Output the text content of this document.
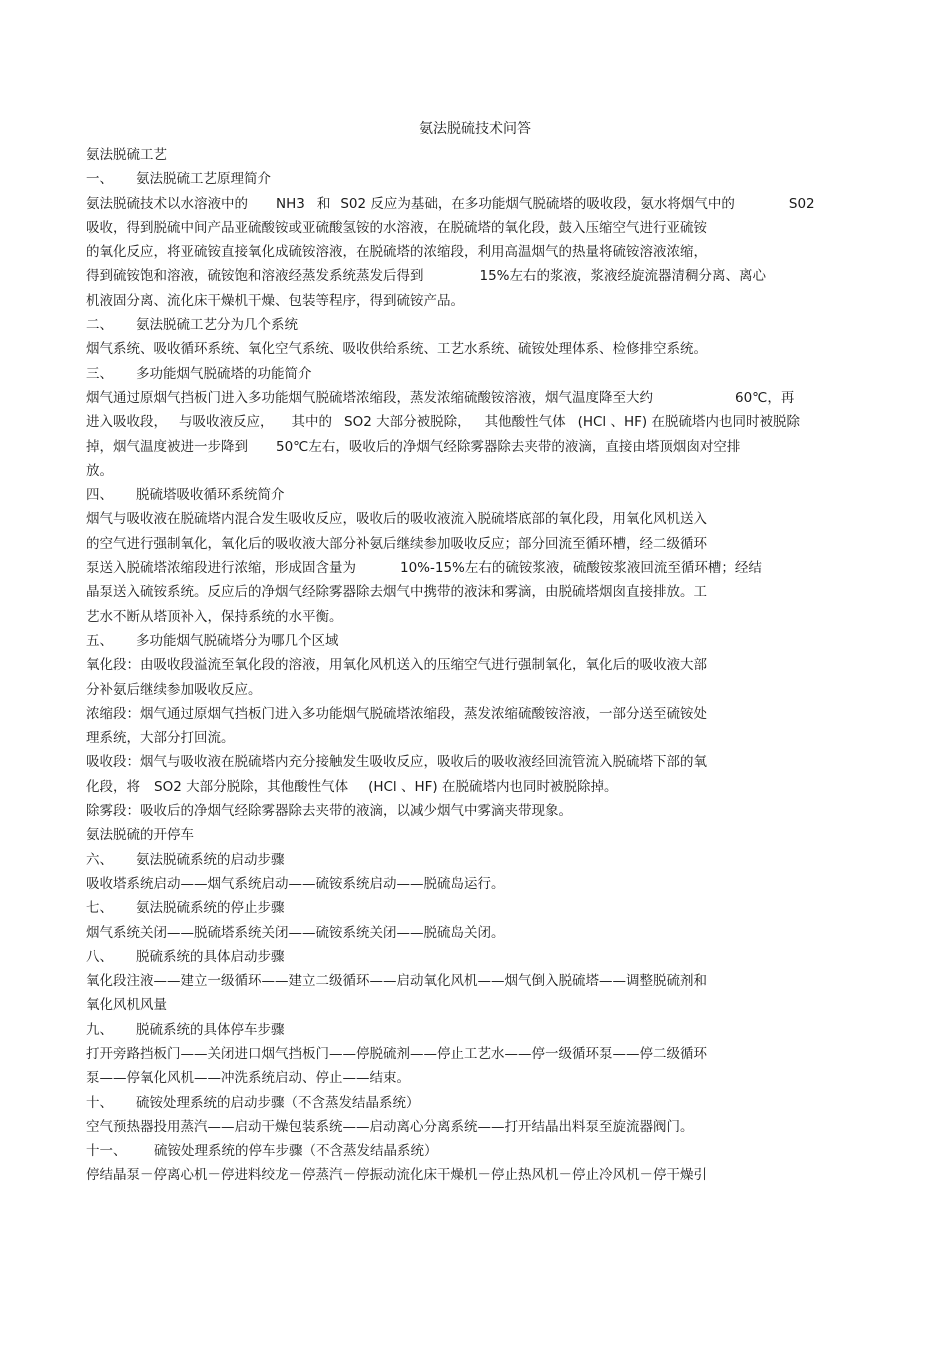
氨法脱硫技术问答
氨法脱硫工艺
一、 氨法脱硫工艺原理简介
氨法脱硫技术以水溶液中的 NH3 和 S02 反应为基础，在多功能烟气脱硫塔的吸收段，氨水将烟气中的	S02
吸收，得到脱硫中间产品亚硫酸铵或亚硫酸氢铵的水溶液，在脱硫塔的氧化段，鼓入压缩空气进行亚硫铵
的氧化反应，将亚硫铵直接氧化成硫铵溶液，在脱硫塔的浓缩段，利用高温烟气的热量将硫铵溶液浓缩，
得到硫铵饱和溶液，硫铵饱和溶液经蒸发系统蒸发后得到	15%左右的浆液，浆液经旋流器清稠分离、离心
机液固分离、流化床干燥机干燥、包装等程序，得到硫铵产品。
二、 氨法脱硫工艺分为几个系统
烟气系统、吸收循环系统、氧化空气系统、吸收供给系统、工艺水系统、硫铵处理体系、检修排空系统。
三、 多功能烟气脱硫塔的功能简介
烟气通过原烟气挡板门进入多功能烟气脱硫塔浓缩段，蒸发浓缩硫酸铵溶液，烟气温度降至大约	60℃，再
进入吸收段， 与吸收液反应， 其中的 SO2 大部分被脱除， 其他酸性气体 (HCl 、HF) 在脱硫塔内也同时被脱除
掉，烟气温度被进一步降到 50℃左右，吸收后的净烟气经除雾器除去夹带的液滴，直接由塔顶烟囱对空排
放。
四、 脱硫塔吸收循环系统简介
烟气与吸收液在脱硫塔内混合发生吸收反应，吸收后的吸收液流入脱硫塔底部的氧化段，用氧化风机送入
的空气进行强制氧化，氧化后的吸收液大部分补氨后继续参加吸收反应；部分回流至循环槽，经二级循环
泵送入脱硫塔浓缩段进行浓缩，形成固含量为	10%-15%左右的硫铵浆液，硫酸铵浆液回流至循环槽；经结
晶泵送入硫铵系统。反应后的净烟气经除雾器除去烟气中携带的液沫和雾滴，由脱硫塔烟囱直接排放。工
艺水不断从塔顶补入，保持系统的水平衡。
五、 多功能烟气脱硫塔分为哪几个区域
氧化段：由吸收段溢流至氧化段的溶液，用氧化风机送入的压缩空气进行强制氧化，氧化后的吸收液大部
分补氨后继续参加吸收反应。
浓缩段：烟气通过原烟气挡板门进入多功能烟气脱硫塔浓缩段，蒸发浓缩硫酸铵溶液，一部分送至硫铵处
理系统，大部分打回流。
吸收段：烟气与吸收液在脱硫塔内充分接触发生吸收反应，吸收后的吸收液经回流管流入脱硫塔下部的氧
化段，将 SO2 大部分脱除，其他酸性气体 (HCl 、HF) 在脱硫塔内也同时被脱除掉。
除雾段：吸收后的净烟气经除雾器除去夹带的液滴，以减少烟气中雾滴夹带现象。
氨法脱硫的开停车
六、 氨法脱硫系统的启动步骤
吸收塔系统启动——烟气系统启动——硫铵系统启动——脱硫岛运行。
七、 氨法脱硫系统的停止步骤
烟气系统关闭——脱硫塔系统关闭——硫铵系统关闭——脱硫岛关闭。
八、 脱硫系统的具体启动步骤
氧化段注液——建立一级循环——建立二级循环——启动氧化风机——烟气倒入脱硫塔——调整脱硫剂和
氧化风机风量
九、 脱硫系统的具体停车步骤
打开旁路挡板门——关闭进口烟气挡板门——停脱硫剂——停止工艺水——停一级循环泵——停二级循环
泵——停氧化风机——冲洗系统启动、停止——结束。
十、 硫铵处理系统的启动步骤（不含蒸发结晶系统）
空气预热器投用蒸汽——启动干燥包装系统——启动离心分离系统——打开结晶出料泵至旋流器阀门。
十一、 硫铵处理系统的停车步骤（不含蒸发结晶系统）
停结晶泵－停离心机－停进料绞龙－停蒸汽－停振动流化床干燥机－停止热风机－停止冷风机－停干燥引
